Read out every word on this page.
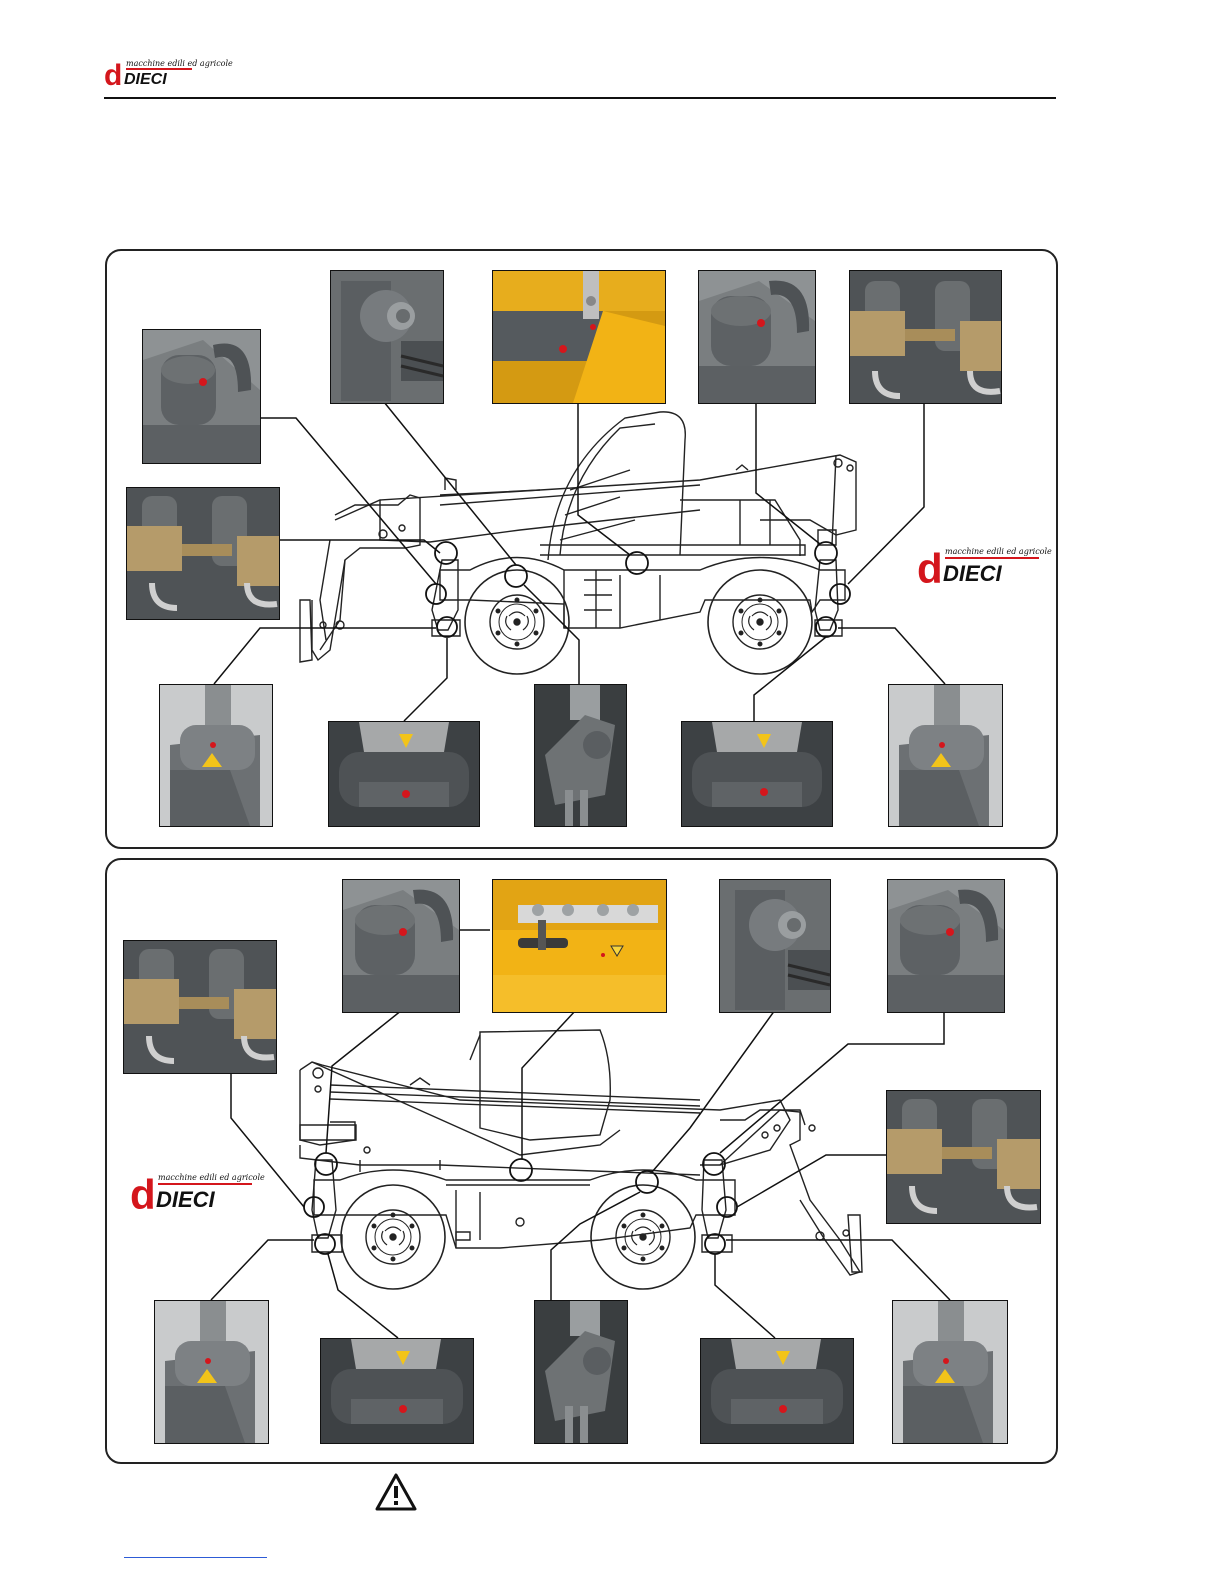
d macchine edili ed agricole
DIECI
d macchine edili ed agricole
DIECI
d macchine edili ed agricole
DIECI
